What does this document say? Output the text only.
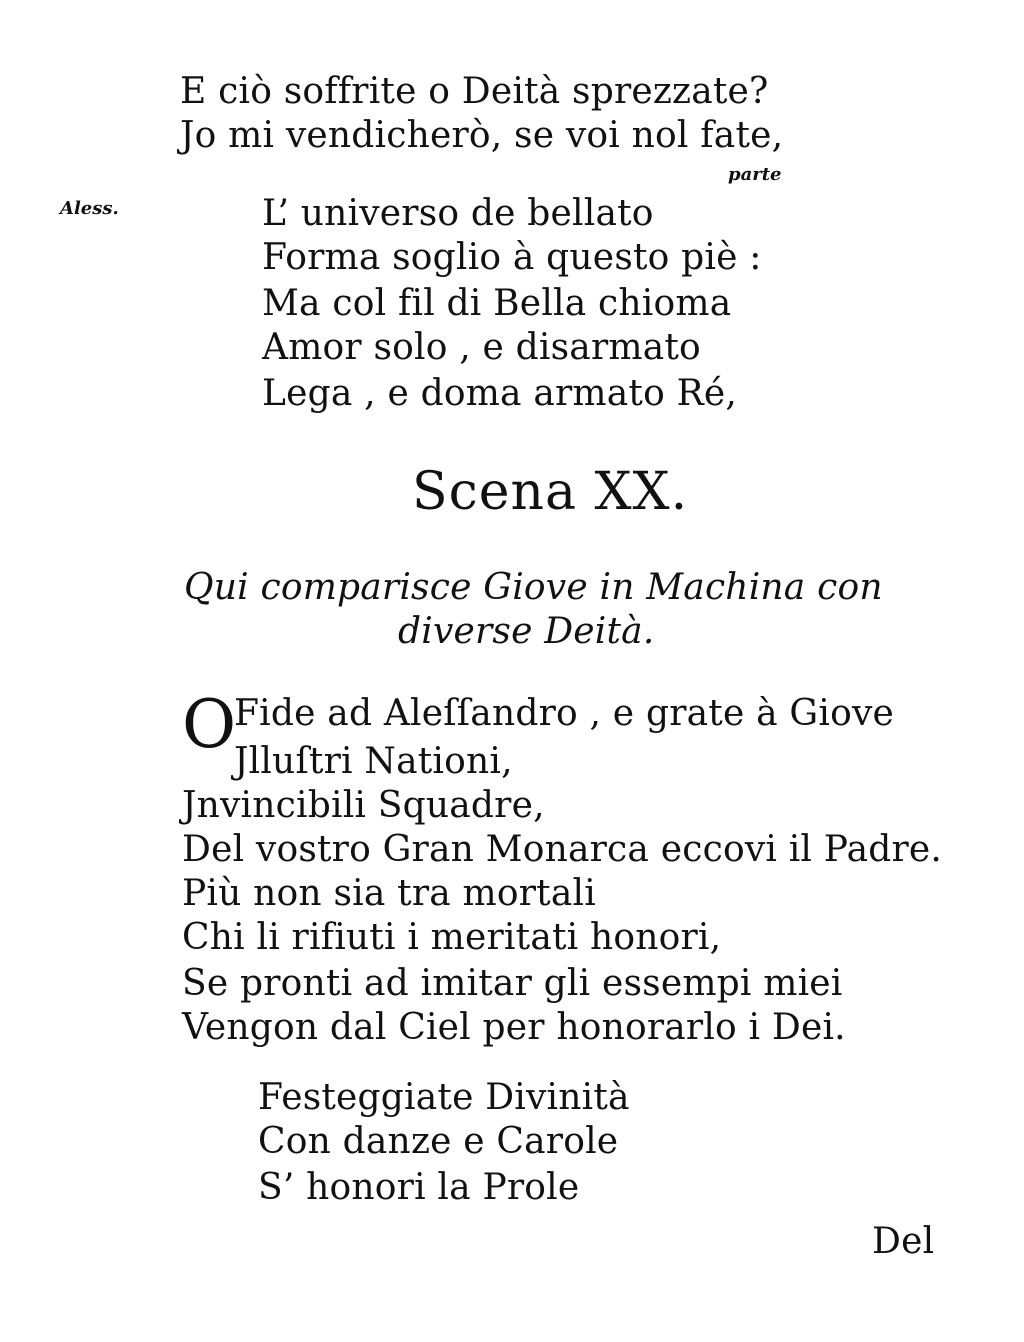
E ciò soffrite o Deità sprezzate?
Jo mi vendicherò, se voi nol fate,
parte
Aless.	L’ universo de bellato
Forma soglio à questo piè :
Ma col fil di Bella chioma
Amor solo , e disarmato
Lega , e doma armato Ré,
Scena XX.
Qui comparisce Giove in Machina con
diverse Deità.
O
Fide ad Aleſſandro , e grate à Giove
Jlluſtri Nationi,
Jnvincibili Squadre,
Del vostro Gran Monarca eccovi il Padre.
Più non sia tra mortali
Chi li rifiuti i meritati honori,
Se pronti ad imitar gli essempi miei
Vengon dal Ciel per honorarlo i Dei.
Festeggiate Divinità
Con danze e Carole
S’ honori la Prole
Del
